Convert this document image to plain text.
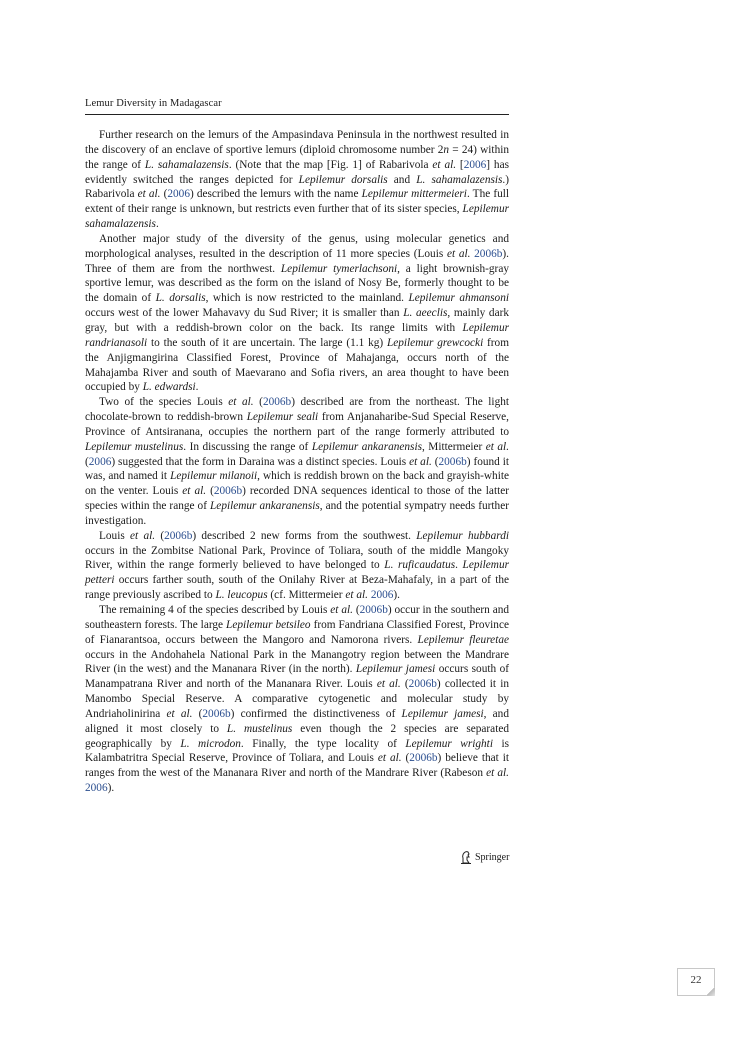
Lemur Diversity in Madagascar

Further research on the lemurs of the Ampasindava Peninsula in the northwest resulted in the discovery of an enclave of sportive lemurs (diploid chromosome number 2n = 24) within the range of L. sahamalazensis. (Note that the map [Fig. 1] of Rabarivola et al. [2006] has evidently switched the ranges depicted for Lepilemur dorsalis and L. sahamalazensis.) Rabarivola et al. (2006) described the lemurs with the name Lepilemur mittermeieri. The full extent of their range is unknown, but restricts even further that of its sister species, Lepilemur sahamalazensis.

Another major study of the diversity of the genus, using molecular genetics and morphological analyses, resulted in the description of 11 more species (Louis et al. 2006b). Three of them are from the northwest. Lepilemur tymerlachsoni, a light brownish-gray sportive lemur, was described as the form on the island of Nosy Be, formerly thought to be the domain of L. dorsalis, which is now restricted to the mainland. Lepilemur ahmansoni occurs west of the lower Mahavavy du Sud River; it is smaller than L. aeeclis, mainly dark gray, but with a reddish-brown color on the back. Its range limits with Lepilemur randrianasoli to the south of it are uncertain. The large (1.1 kg) Lepilemur grewcocki from the Anjigmangirina Classified Forest, Province of Mahajanga, occurs north of the Mahajamba River and south of Maevarano and Sofia rivers, an area thought to have been occupied by L. edwardsi.

Two of the species Louis et al. (2006b) described are from the northeast. The light chocolate-brown to reddish-brown Lepilemur seali from Anjanaharibe-Sud Special Reserve, Province of Antsiranana, occupies the northern part of the range formerly attributed to Lepilemur mustelinus. In discussing the range of Lepilemur ankaranensis, Mittermeier et al. (2006) suggested that the form in Daraina was a distinct species. Louis et al. (2006b) found it was, and named it Lepilemur milanoii, which is reddish brown on the back and grayish-white on the venter. Louis et al. (2006b) recorded DNA sequences identical to those of the latter species within the range of Lepilemur ankaranensis, and the potential sympatry needs further investigation.

Louis et al. (2006b) described 2 new forms from the southwest. Lepilemur hubbardi occurs in the Zombitse National Park, Province of Toliara, south of the middle Mangoky River, within the range formerly believed to have belonged to L. ruficaudatus. Lepilemur petteri occurs farther south, south of the Onilahy River at Beza-Mahafaly, in a part of the range previously ascribed to L. leucopus (cf. Mittermeier et al. 2006).

The remaining 4 of the species described by Louis et al. (2006b) occur in the southern and southeastern forests. The large Lepilemur betsileo from Fandriana Classified Forest, Province of Fianarantsoa, occurs between the Mangoro and Namorona rivers. Lepilemur fleuretae occurs in the Andohahela National Park in the Manangotry region between the Mandrare River (in the west) and the Mananara River (in the north). Lepilemur jamesi occurs south of Manampatrana River and north of the Mananara River. Louis et al. (2006b) collected it in Manombo Special Reserve. A comparative cytogenetic and molecular study by Andriaholinirina et al. (2006b) confirmed the distinctiveness of Lepilemur jamesi, and aligned it most closely to L. mustelinus even though the 2 species are separated geographically by L. microdon. Finally, the type locality of Lepilemur wrighti is Kalambatritra Special Reserve, Province of Toliara, and Louis et al. (2006b) believe that it ranges from the west of the Mananara River and north of the Mandrare River (Rabeson et al. 2006).

Springer
22
